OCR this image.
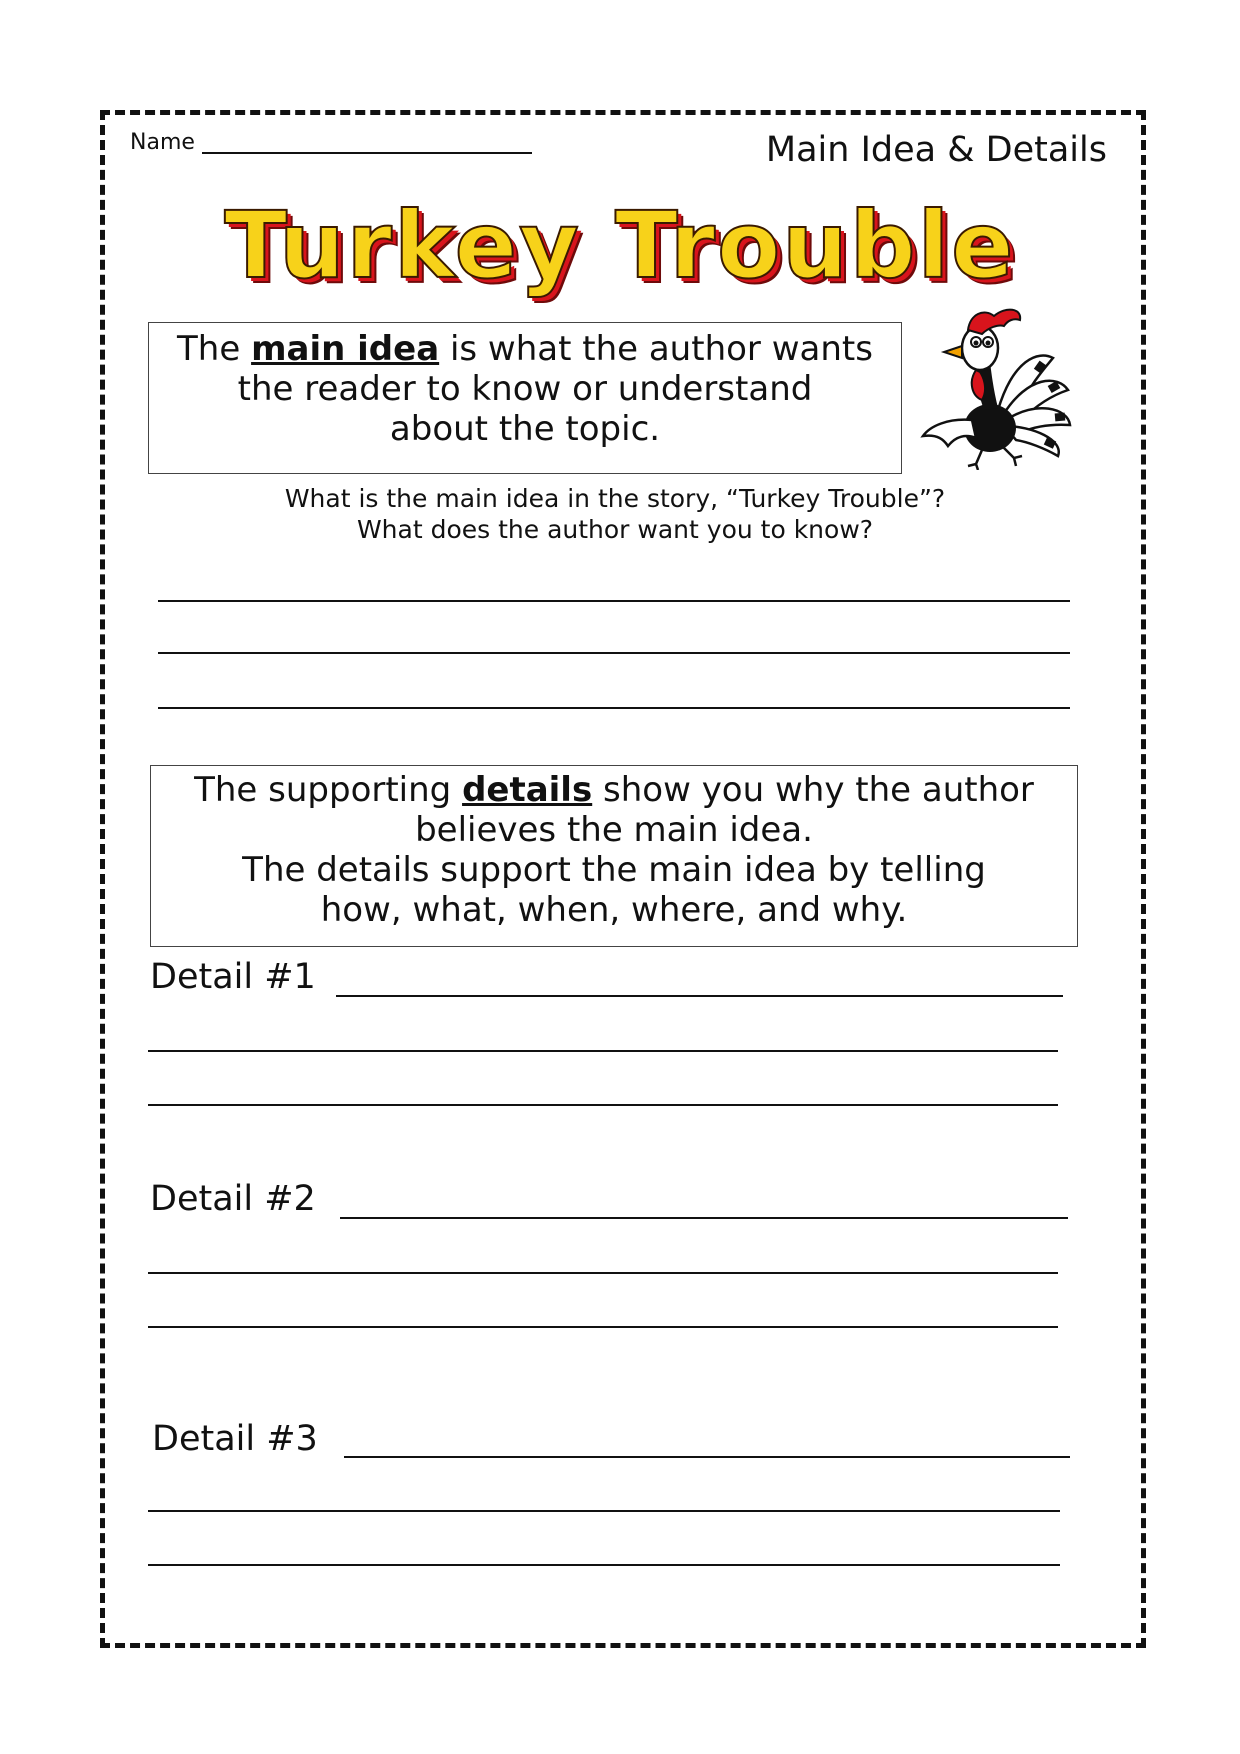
Name	Main Idea & Details
Turkey Trouble

The main idea is what the author wants

the reader to know or understand

about the topic.

What is the main idea in the story, “Turkey Trouble”?

What does the author want you to know?

The supporting details show you why the author

believes the main idea.

The details support the main idea by telling

how, what, when, where, and why.

Detail #1
Detail #2
Detail #3
